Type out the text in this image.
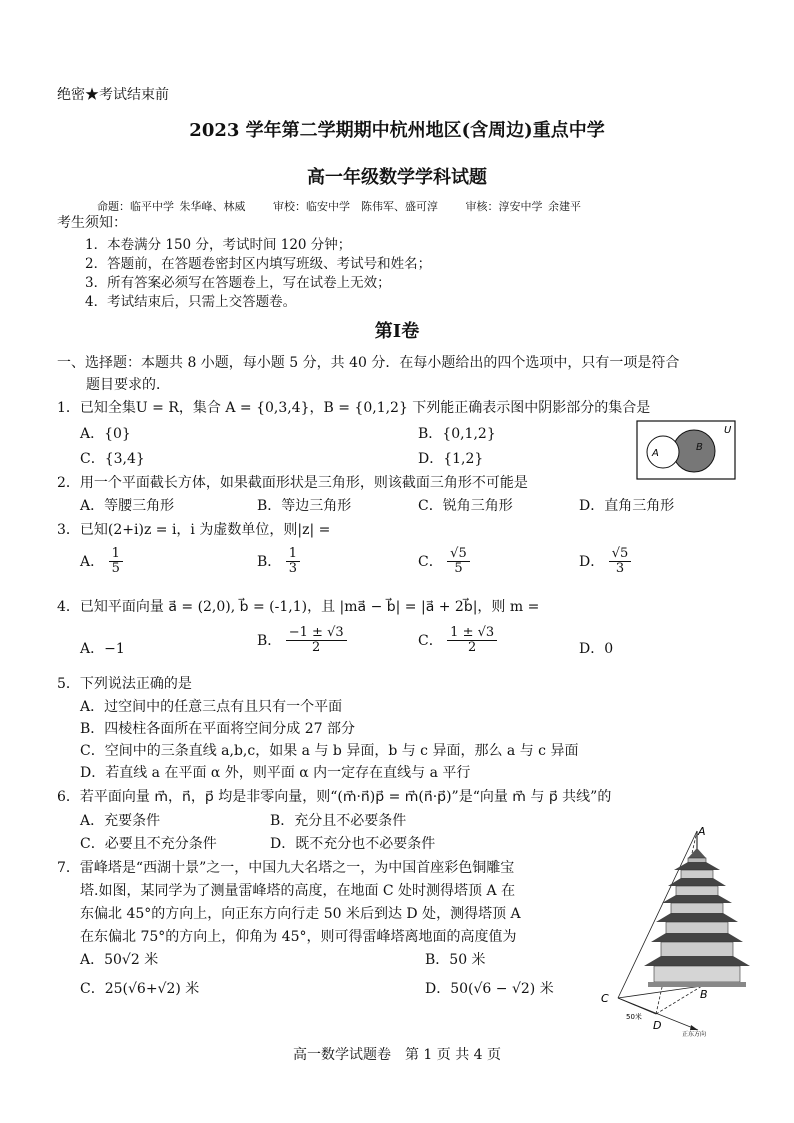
绝密★考试结束前
2023 学年第二学期期中杭州地区(含周边)重点中学
高一年级数学学科试题
命题：临平中学 朱华峰、林威	审校：临安中学　陈伟军、盛可淳	审核：淳安中学 余建平
考生须知：
1．本卷满分 150 分，考试时间 120 分钟；
2．答题前，在答题卷密封区内填写班级、考试号和姓名；
3．所有答案必须写在答题卷上，写在试卷上无效；
4．考试结束后，只需上交答题卷。
第Ⅰ卷
一、选择题：本题共 8 小题，每小题 5 分，共 40 分．在每小题给出的四个选项中，只有一项是符合
题目要求的．
1．已知全集U = R，集合 A = {0,3,4}，B = {0,1,2} 下列能正确表示图中阴影部分的集合是
A．{0}	B．{0,1,2}
C．{3,4}	D．{1,2}
U
A
B
2．用一个平面截长方体，如果截面形状是三角形，则该截面三角形不可能是
A．等腰三角形	B．等边三角形	C．锐角三角形	D．直角三角形
3．已知(2+i)z = i，i 为虚数单位，则|z| =
A． $\frac{1}{5}$	B． $\frac{1}{3}$	C． $\frac{√5}{5}$	D． $\frac{√5}{3}$
4．已知平面向量 a⃗ = (2,0), b⃗ = (-1,1)，且 |ma⃗ − b⃗| = |a⃗ + 2b⃗|，则 m =
A．−1
B． $\frac{-1 \pm √3}{2}$	C． $\frac{1 \pm √3}{2}$	D．0
5．下列说法正确的是
A．过空间中的任意三点有且只有一个平面
B．四棱柱各面所在平面将空间分成 27 部分
C．空间中的三条直线 a,b,c，如果 a 与 b 异面，b 与 c 异面，那么 a 与 c 异面
D．若直线 a 在平面 α 外，则平面 α 内一定存在直线与 a 平行
6．若平面向量 m⃗，n⃗，p⃗ 均是非零向量，则“(m⃗·n⃗)p⃗ = m⃗(n⃗·p⃗)”是“向量 m⃗ 与 p⃗ 共线”的
A．充要条件	B．充分且不必要条件
C．必要且不充分条件	D．既不充分也不必要条件
7．雷峰塔是“西湖十景”之一，中国九大名塔之一，为中国首座彩色铜雕宝
塔.如图，某同学为了测量雷峰塔的高度，在地面 C 处时测得塔顶 A 在
东偏北 45°的方向上，向正东方向行走 50 米后到达 D 处，测得塔顶 A
在东偏北 75°的方向上，仰角为 45°，则可得雷峰塔离地面的高度值为
A．50√2 米	B．50 米
C．25(√6+√2) 米	D．50(√6 − √2) 米
A
B
C
D
50米
正东方向
高一数学试题卷　第 1 页 共 4 页
